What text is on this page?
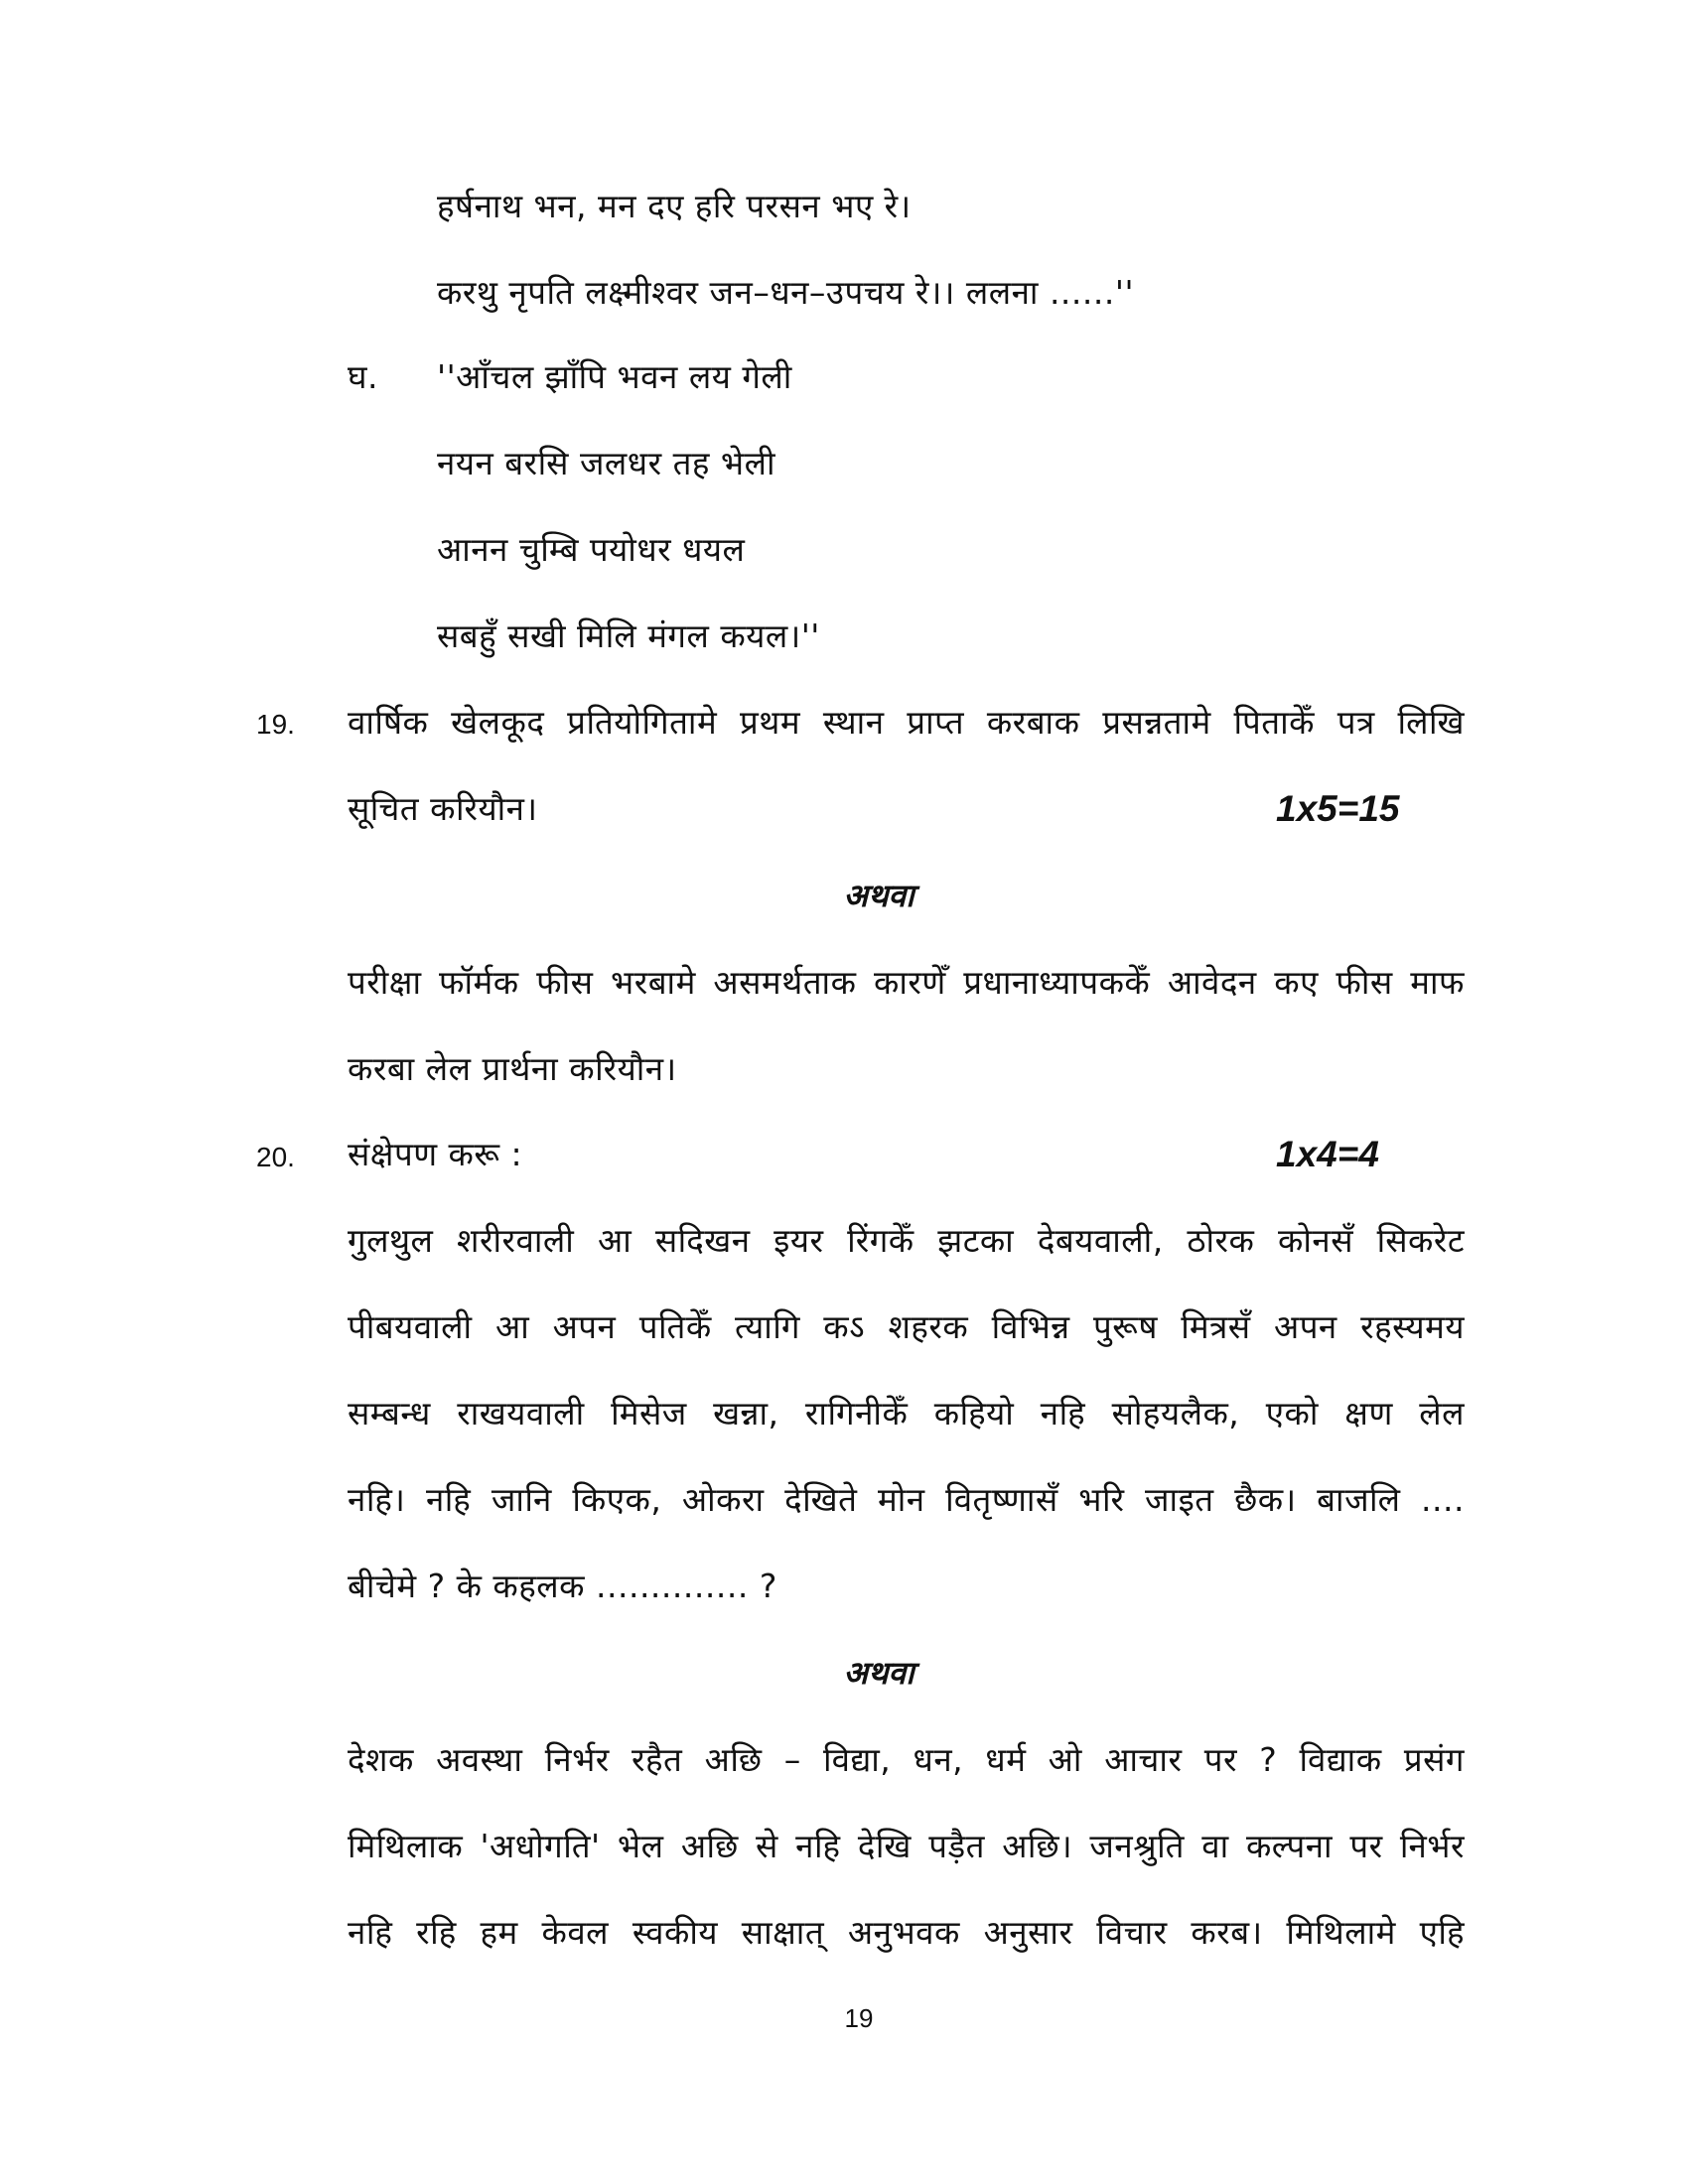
हर्षनाथ भन, मन दए हरि परसन भए रे।
करथु नृपति लक्ष्मीश्वर जन–धन–उपचय रे।। ललना ......''
घ. ''आँचल झाँपि भवन लय गेली
नयन बरसि जलधर तह भेली
आनन चुम्बि पयोधर धयल
सबहुँ सखी मिलि मंगल कयल।''
19. वार्षिक खेलकूद प्रतियोगितामे प्रथम स्थान प्राप्त करबाक प्रसन्नतामे पिताकेँ पत्र लिखि
सूचित करियौन।	1x5=15
अथवा
परीक्षा फॉर्मक फीस भरबामे असमर्थताक कारणेँ प्रधानाध्यापककेँ आवेदन कए फीस माफ
करबा लेल प्रार्थना करियौन।
20. संक्षेपण करू :	1x4=4
गुलथुल शरीरवाली आ सदिखन इयर रिंगकेँ झटका देबयवाली, ठोरक कोनसँ सिकरेट
पीबयवाली आ अपन पतिकेँ त्यागि कऽ शहरक विभिन्न पुरूष मित्रसँ अपन रहस्यमय
सम्बन्ध राखयवाली मिसेज खन्ना, रागिनीकेँ कहियो नहि सोहयलैक, एको क्षण लेल
नहि। नहि जानि किएक, ओकरा देखिते मोन वितृष्णासँ भरि जाइत छैक। बाजलि ....
बीचेमे ? के कहलक .............. ?
अथवा
देशक अवस्था निर्भर रहैत अछि – विद्या, धन, धर्म ओ आचार पर ? विद्याक प्रसंग
मिथिलाक 'अधोगति' भेल अछि से नहि देखि पड़ैत अछि। जनश्रुति वा कल्पना पर निर्भर
नहि रहि हम केवल स्वकीय साक्षात् अनुभवक अनुसार विचार करब। मिथिलामे एहि
19
